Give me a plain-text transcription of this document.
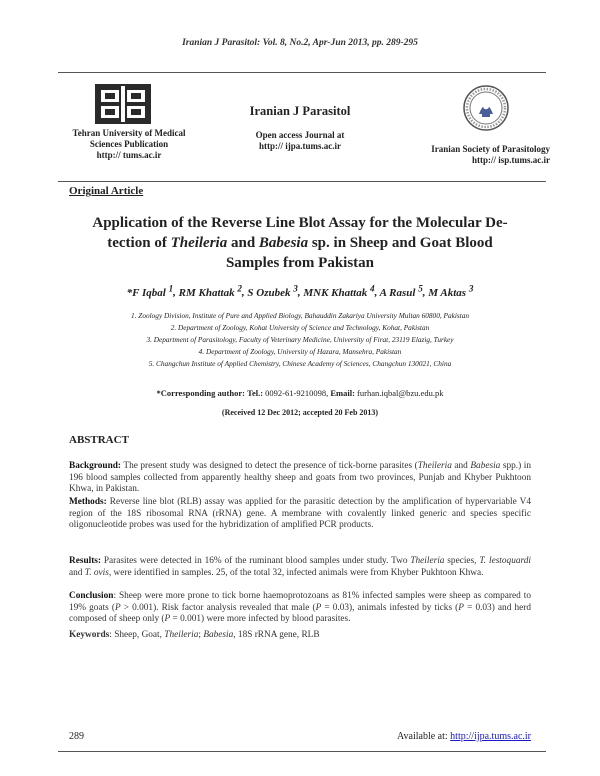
Iranian J Parasitol: Vol. 8, No.2, Apr-Jun 2013, pp. 289-295
Tehran University of Medical
Sciences Publication
http:// tums.ac.ir
Iranian J Parasitol
Open access Journal at
http:// ijpa.tums.ac.ir	Iranian Society of Parasitology
http:// isp.tums.ac.ir
Original Article
Application of the Reverse Line Blot Assay for the Molecular De-
tection of Theileria and Babesia sp. in Sheep and Goat Blood
Samples from Pakistan
*F Iqbal $^1$, RM Khattak $^2$, S Ozubek $^3$, MNK Khattak $^4$, A Rasul $^5$, M Aktas $^3$
1. Zoology Division, Institute of Pure and Applied Biology, Bahauddin Zakariya University Multan 60800, Pakistan
2. Department of Zoology, Kohat University of Science and Technology, Kohat, Pakistan
3. Department of Parasitology, Faculty of Veterinary Medicine, University of Firat, 23119 Elazig, Turkey
4. Department of Zoology, University of Hazara, Mansehra, Pakistan
5. Changchun Institute of Applied Chemistry, Chinese Academy of Sciences, Changchun 130021, China
*Corresponding author: Tel.: 0092-61-9210098, Email: furhan.iqbal@bzu.edu.pk
(Received 12 Dec 2012; accepted 20 Feb 2013)
ABSTRACT
Background: The present study was designed to detect the presence of tick-borne parasites (Theileria and Babesia spp.) in 196 blood samples collected from apparently healthy sheep and goats from two provinces, Punjab and Khyber Pukhtoon Khwa, in Pakistan.
Methods: Reverse line blot (RLB) assay was applied for the parasitic detection by the amplification of hypervariable V4 region of the 18S ribosomal RNA (rRNA) gene. A membrane with covalently linked generic and species specific oligonucleotide probes was used for the hybridization of amplified PCR products.
Results: Parasites were detected in 16% of the ruminant blood samples under study. Two Theileria species, T. lestoquardi and T. ovis, were identified in samples. 25, of the total 32, infected animals were from Khyber Pukhtoon Khwa.
Conclusion: Sheep were more prone to tick borne haemoprotozoans as 81% infected samples were sheep as compared to 19% goats (P > 0.001). Risk factor analysis revealed that male (P = 0.03), animals infested by ticks (P = 0.03) and herd composed of sheep only (P = 0.001) were more infected by blood parasites.
Keywords: Sheep, Goat, Theileria; Babesia, 18S rRNA gene, RLB
289	Available at: http://ijpa.tums.ac.ir
